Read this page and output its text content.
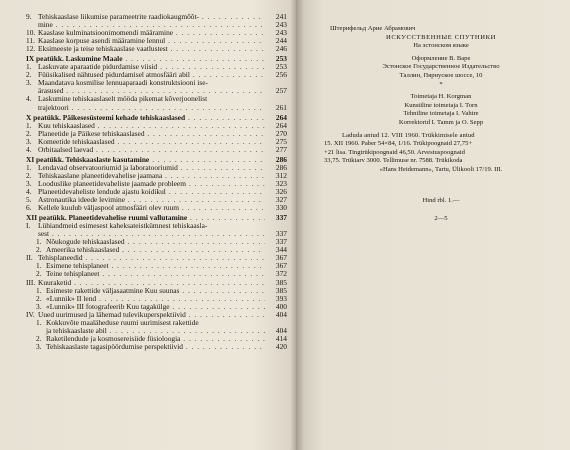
9. Tehiskaaslase liikumise parameetrite raadiokaugmõõt- . . .	241
mine . . .	243
10. Kaaslase kulminatsioonimomendi määramine . . .	243
11. Kaaslase korpuse asendi määramine lennul . . .	244
12. Eksimeeste ja teise tehiskaaslase vaatlustest . . .	246
IX peatükk. Laskumine Maale . . .	253
1. Laskuvate aparaatide pidurdamise viisid . . .	253
2. Füüsikalised nähtused pidurdamisel atmosfääri abil . . .	256
3. Maandatava kosmilise lennuaparaadi konstruktsiooni ise-
ärasused . . .	257
4. Laskumine tehiskaaslaselt mööda pikemat kõverjoonelist
trajektoori . . .	261
X peatükk. Päikesesüsteemi kehade tehiskaaslased . . .	264
1. Kuu tehiskaaslased . . .	264
2. Planeetide ja Päikese tehiskaaslased . . .	270
3. Komeetide tehiskaaslased . . .	275
4. Orbitaalsed laevad . . .	277
XI peatükk. Tehiskaaslaste kasutamine . . .	286
1. Lendavad observatooriumid ja laboratooriumid . . .	286
2. Tehiskaaslane planeetidevahelise jaamana . . .	312
3. Looduslike planeetidevaheliste jaamade probleem . . .	323
4. Planeetidevaheliste lendude ajastu koidikul . . .	326
5. Astronautika ideede levimine . . .	327
6. Kellele kuulub väljaspool atmosfääri olev ruum . . .	330
XII peatükk. Planeetidevahelise ruumi vallutamine . . .	337
I.	Lühiandmeid esimesest kaheksateistkümnest tehiskaasla-
sest . . .	337
1. Nõukogude tehiskaaslased . . .	337
2. Ameerika tehiskaaslased . . .	344
II. Tehisplaneedid . . .	367
1. Esimene tehisplaneet . . .	367
2. Teine tehisplaneet . . .	372
III. Kuuraketid . . .	385
1. Esimeste rakettide väljasaatmine Kuu suunas . . .	385
2. «Lunnik» II lend . . .	393
3. «Lunnik» III fotografeerib Kuu tagakülge . . .	400
IV. Uued uurimused ja lähemad tulevikuperspektiivid . . .	404
1. Kokkuvõte maaläheduse ruumi uurimisest rakettide
ja tehiskaaslaste abil . . .	404
2. Raketilendude ja kosmosereisiide füsioloogia . . .	414
3. Tehiskaaslaste tagasipöördumise perspektiivid . . .	420
Штернфельд Арие Абрамович
ИСКУССТВЕННЫЕ СПУТНИКИ
На эстонском языке
Оформление В. Варе
Эстонское Государственное Издательство
Таллин, Пярнуское шоссе, 10
*
Toimetaja H. Korgman
Kunstiline toimetaja I. Torn
Tehniline toimetaja I. Vahtre
Korrektorid I. Tamm ja O. Sepp
Laduda antud 12. VIII 1960. Trükkimisele antud
15. XII 1960. Paber 54×84, 1/16. Trükipoognaid 27,75+
+21 lisa. Tingtrükipoognaid 46,50. Arvestuspoognaid
33,75. Trükiarv 3000. Tellimuse nr. 7588. Trükikoda
«Hans Heidemann», Tartu, Ülikooli 17/19. III.
Hind rbl. 1.—
2—5
